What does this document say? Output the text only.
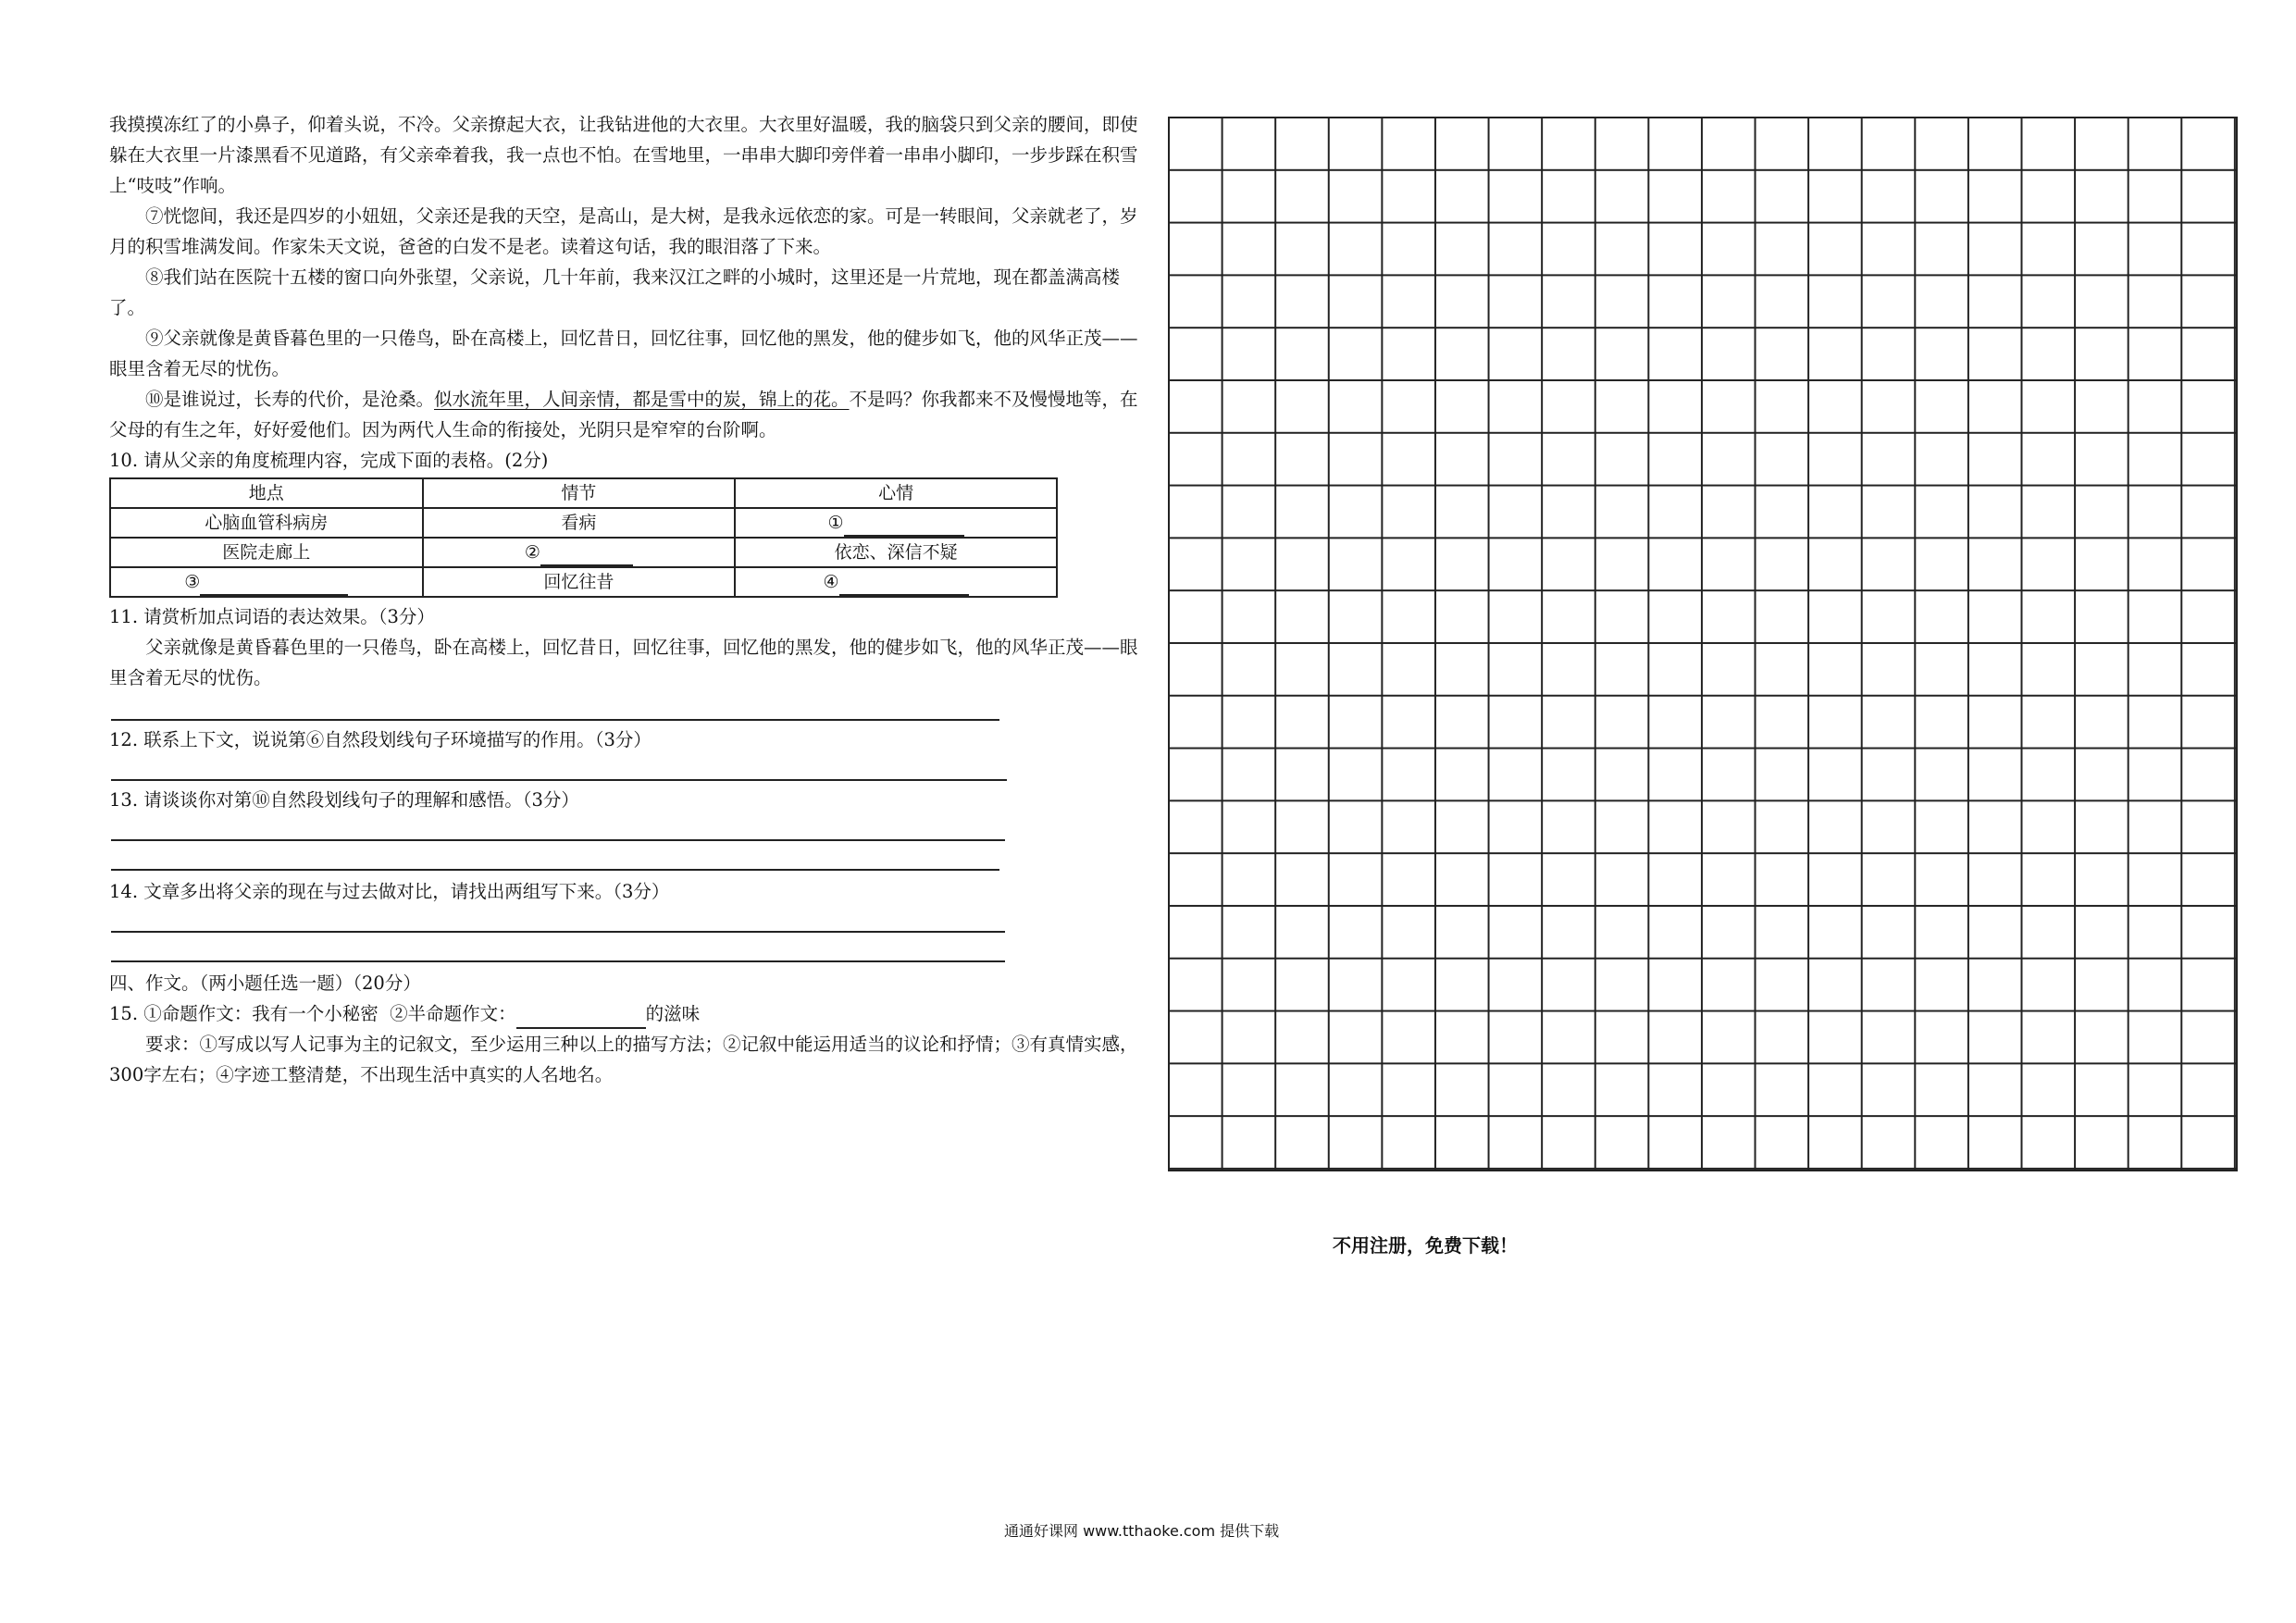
我摸摸冻红了的小鼻子，仰着头说，不冷。父亲撩起大衣，让我钻进他的大衣里。大衣里好温暖，我的脑袋只到父亲的腰间，即使躲在大衣里一片漆黑看不见道路，有父亲牵着我，我一点也不怕。在雪地里，一串串大脚印旁伴着一串串小脚印，一步步踩在积雪上“吱吱”作响。

⑦恍惚间，我还是四岁的小妞妞，父亲还是我的天空，是高山，是大树，是我永远依恋的家。可是一转眼间，父亲就老了，岁月的积雪堆满发间。作家朱天文说，爸爸的白发不是老。读着这句话，我的眼泪落了下来。

⑧我们站在医院十五楼的窗口向外张望，父亲说，几十年前，我来汉江之畔的小城时，这里还是一片荒地，现在都盖满高楼了。

⑨父亲就像是黄昏暮色里的一只倦鸟，卧在高楼上，回忆昔日，回忆往事，回忆他的黑发，他的健步如飞，他的风华正茂——眼里含着无尽的忧伤。

⑩是谁说过，长寿的代价，是沧桑。似水流年里，人间亲情，都是雪中的炭，锦上的花。不是吗？你我都来不及慢慢地等，在父母的有生之年，好好爱他们。因为两代人生命的衔接处，光阴只是窄窄的台阶啊。

10. 请从父亲的角度梳理内容，完成下面的表格。(2分)

地点	情节	心情
心脑血管科病房	看病	①
医院走廊上	②	依恋、深信不疑
③	回忆往昔	④

11. 请赏析加点词语的表达效果。（3分）

父亲就像是黄昏暮色里的一只倦鸟，卧在高楼上，回忆昔日，回忆往事，回忆他的黑发，他的健步如飞，他的风华正茂——眼里含着无尽的忧伤。

12. 联系上下文，说说第⑥自然段划线句子环境描写的作用。（3分）

13. 请谈谈你对第⑩自然段划线句子的理解和感悟。（3分）

14. 文章多出将父亲的现在与过去做对比，请找出两组写下来。（3分）

四、作文。（两小题任选一题）（20分）

15. ①命题作文：我有一个小秘密 ②半命题作文：	的滋味

要求：①写成以写人记事为主的记叙文，至少运用三种以上的描写方法；②记叙中能运用适当的议论和抒情；③有真情实感，300字左右；④字迹工整清楚，不出现生活中真实的人名地名。

不用注册，免费下载！
通通好课网 www.tthaoke.com 提供下载
